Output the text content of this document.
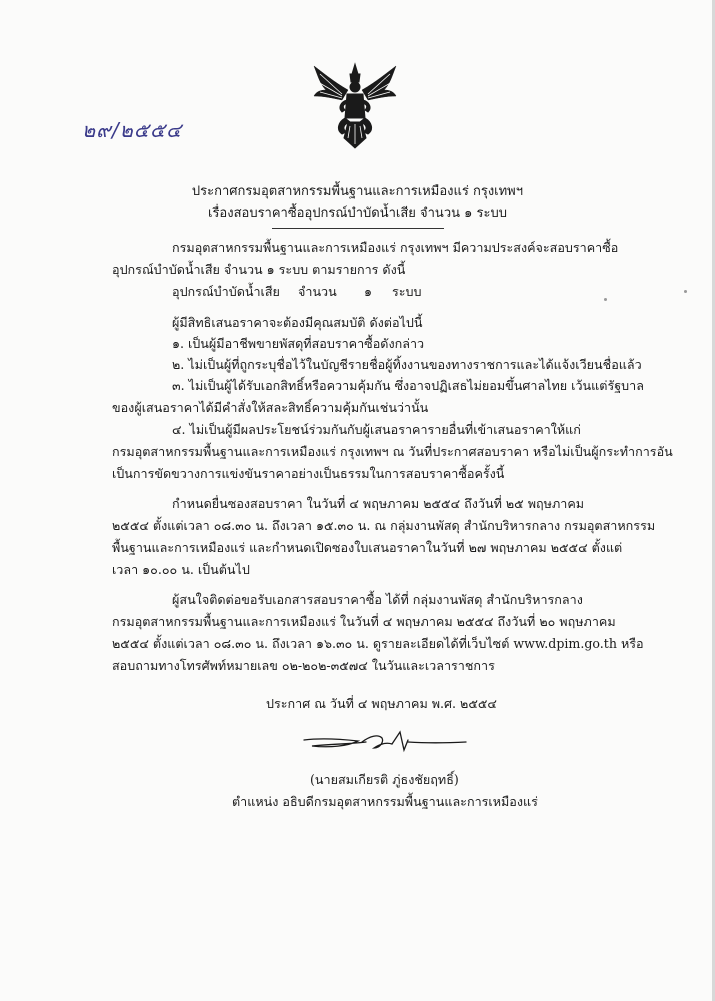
๒๙/๒๕๕๔
ประกาศกรมอุตสาหกรรมพื้นฐานและการเหมืองแร่ กรุงเทพฯ
เรื่องสอบราคาซื้ออุปกรณ์บำบัดน้ำเสีย จำนวน ๑ ระบบ
กรมอุตสาหกรรมพื้นฐานและการเหมืองแร่ กรุงเทพฯ มีความประสงค์จะสอบราคาซื้อ
อุปกรณ์บำบัดน้ำเสีย จำนวน ๑ ระบบ ตามรายการ ดังนี้
อุปกรณ์บำบัดน้ำเสีย จำนวน ๑ ระบบ
ผู้มีสิทธิเสนอราคาจะต้องมีคุณสมบัติ ดังต่อไปนี้
๑. เป็นผู้มีอาชีพขายพัสดุที่สอบราคาซื้อดังกล่าว
๒. ไม่เป็นผู้ที่ถูกระบุชื่อไว้ในบัญชีรายชื่อผู้ทิ้งงานของทางราชการและได้แจ้งเวียนชื่อแล้ว
๓. ไม่เป็นผู้ได้รับเอกสิทธิ์หรือความคุ้มกัน ซึ่งอาจปฏิเสธไม่ยอมขึ้นศาลไทย เว้นแต่รัฐบาล
ของผู้เสนอราคาได้มีคำสั่งให้สละสิทธิ์ความคุ้มกันเช่นว่านั้น
๔. ไม่เป็นผู้มีผลประโยชน์ร่วมกันกับผู้เสนอราคารายอื่นที่เข้าเสนอราคาให้แก่
กรมอุตสาหกรรมพื้นฐานและการเหมืองแร่ กรุงเทพฯ ณ วันที่ประกาศสอบราคา หรือไม่เป็นผู้กระทำการอัน
เป็นการขัดขวางการแข่งขันราคาอย่างเป็นธรรมในการสอบราคาซื้อครั้งนี้
กำหนดยื่นซองสอบราคา ในวันที่ ๔ พฤษภาคม ๒๕๕๔ ถึงวันที่ ๒๕ พฤษภาคม
๒๕๕๔ ตั้งแต่เวลา ๐๘.๓๐ น. ถึงเวลา ๑๕.๓๐ น. ณ กลุ่มงานพัสดุ สำนักบริหารกลาง กรมอุตสาหกรรม
พื้นฐานและการเหมืองแร่ และกำหนดเปิดซองใบเสนอราคาในวันที่ ๒๗ พฤษภาคม ๒๕๕๔ ตั้งแต่
เวลา ๑๐.๐๐ น. เป็นต้นไป
ผู้สนใจติดต่อขอรับเอกสารสอบราคาซื้อ ได้ที่ กลุ่มงานพัสดุ สำนักบริหารกลาง
กรมอุตสาหกรรมพื้นฐานและการเหมืองแร่ ในวันที่ ๔ พฤษภาคม ๒๕๕๔ ถึงวันที่ ๒๐ พฤษภาคม
๒๕๕๔ ตั้งแต่เวลา ๐๘.๓๐ น. ถึงเวลา ๑๖.๓๐ น. ดูรายละเอียดได้ที่เว็บไซต์ www.dpim.go.th หรือ
สอบถามทางโทรศัพท์หมายเลข ๐๒-๒๐๒-๓๕๗๔ ในวันและเวลาราชการ
ประกาศ ณ วันที่ ๔ พฤษภาคม พ.ศ. ๒๕๕๔
(นายสมเกียรติ ภู่ธงชัยฤทธิ์)
ตำแหน่ง อธิบดีกรมอุตสาหกรรมพื้นฐานและการเหมืองแร่
